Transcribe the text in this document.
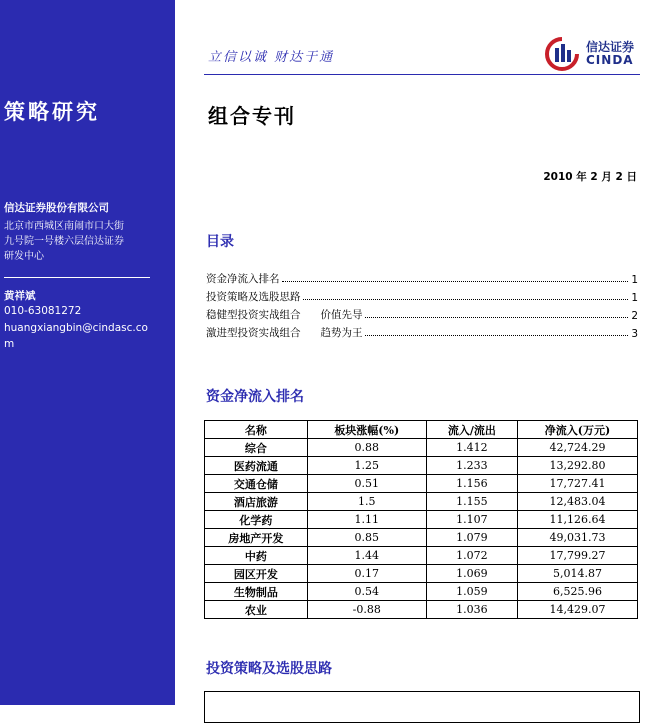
策略研究
信达证券股份有限公司
北京市西城区南闹市口大街
九号院一号楼六层信达证券
研发中心
黄祥斌
010-63081272
huangxiangbin@cindasc.com
立信以诚 财达于通
信达证券
CINDA
组合专刊
2010 年 2 月 2 日
目录
资金净流入排名	1
投资策略及选股思路	1
稳健型投资实战组合      价值先导	2
激进型投资实战组合      趋势为王	3
资金净流入排名
名称	板块涨幅(%)	流入/流出	净流入(万元)
综合	0.88	1.412	42,724.29
医药流通	1.25	1.233	13,292.80
交通仓储	0.51	1.156	17,727.41
酒店旅游	1.5	1.155	12,483.04
化学药	1.11	1.107	11,126.64
房地产开发	0.85	1.079	49,031.73
中药	1.44	1.072	17,799.27
园区开发	0.17	1.069	5,014.87
生物制品	0.54	1.059	6,525.96
农业	-0.88	1.036	14,429.07
投资策略及选股思路
